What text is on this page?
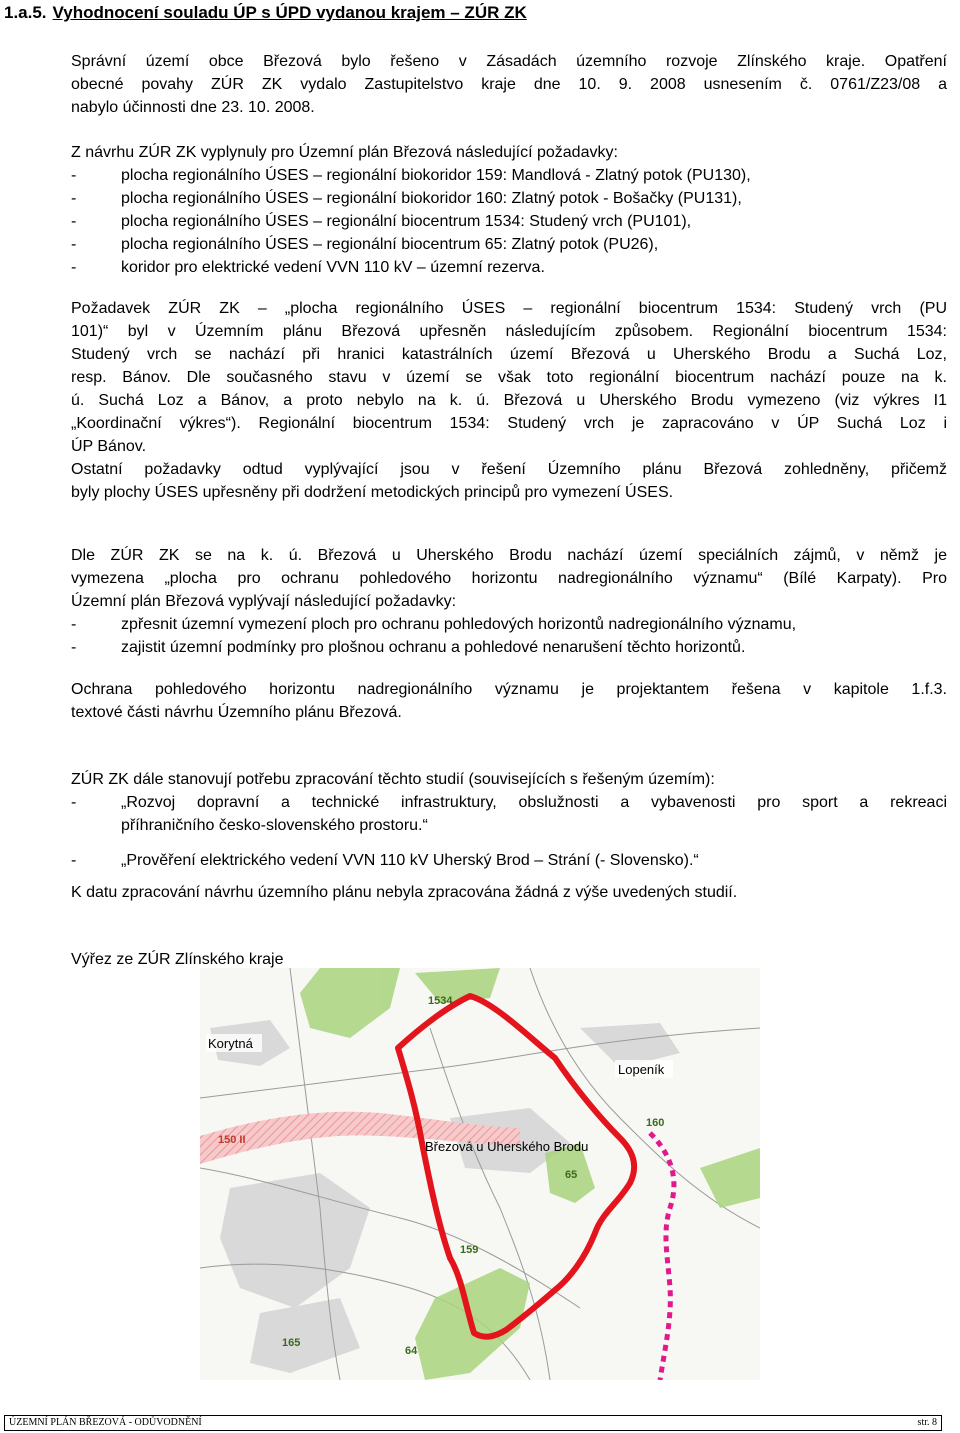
1.a.5. Vyhodnocení souladu ÚP s ÚPD vydanou krajem – ZÚR ZK
Správní území obce Březová bylo řešeno v Zásadách územního rozvoje Zlínského kraje. Opatření
obecné povahy ZÚR ZK vydalo Zastupitelstvo kraje dne 10. 9. 2008 usnesením č. 0761/Z23/08 a
nabylo účinnosti dne 23. 10. 2008.
Z návrhu ZÚR ZK vyplynuly pro Územní plán Březová následující požadavky:
-	plocha regionálního ÚSES – regionální biokoridor 159: Mandlová - Zlatný potok (PU130),
-	plocha regionálního ÚSES – regionální biokoridor 160: Zlatný potok - Bošačky (PU131),
-	plocha regionálního ÚSES – regionální biocentrum 1534: Studený vrch (PU101),
-	plocha regionálního ÚSES – regionální biocentrum 65: Zlatný potok (PU26),
-	koridor pro elektrické vedení VVN 110 kV – územní rezerva.
Požadavek ZÚR ZK – „plocha regionálního ÚSES – regionální biocentrum 1534: Studený vrch (PU
101)“ byl v Územním plánu Březová upřesněn následujícím způsobem. Regionální biocentrum 1534:
Studený vrch se nachází při hranici katastrálních území Březová u Uherského Brodu a Suchá Loz,
resp. Bánov. Dle současného stavu v území se však toto regionální biocentrum nachází pouze na k.
ú. Suchá Loz a Bánov, a proto nebylo na k. ú. Březová u Uherského Brodu vymezeno (viz výkres I1
„Koordinační výkres“). Regionální biocentrum 1534: Studený vrch je zapracováno v ÚP Suchá Loz i
ÚP Bánov.
Ostatní požadavky odtud vyplývající jsou v řešení Územního plánu Březová zohledněny, přičemž
byly plochy ÚSES upřesněny při dodržení metodických principů pro vymezení ÚSES.
Dle ZÚR ZK se na k. ú. Březová u Uherského Brodu nachází území speciálních zájmů, v němž je
vymezena „plocha pro ochranu pohledového horizontu nadregionálního významu“ (Bílé Karpaty). Pro
Územní plán Březová vyplývají následující požadavky:
-	zpřesnit územní vymezení ploch pro ochranu pohledových horizontů nadregionálního významu,
-	zajistit územní podmínky pro plošnou ochranu a pohledové nenarušení těchto horizontů.
Ochrana pohledového horizontu nadregionálního významu je projektantem řešena v kapitole 1.f.3.
textové části návrhu Územního plánu Březová.
ZÚR ZK dále stanovují potřebu zpracování těchto studií (souvisejících s řešeným územím):
-	„Rozvoj dopravní a technické infrastruktury, obslužnosti a vybavenosti pro sport a rekreaci
příhraničního česko-slovenského prostoru.“
-	„Prověření elektrického vedení VVN 110 kV Uherský Brod – Strání (- Slovensko).“
K datu zpracování návrhu územního plánu nebyla zpracována žádná z výše uvedených studií.
Výřez ze ZÚR Zlínského kraje
Korytná
Lopeník
Březová u Uherského Brodu
1534
150 II
160
65
159
165
64
ÚZEMNÍ PLÁN BŘEZOVÁ - ODŮVODNĚNÍ	str. 8
